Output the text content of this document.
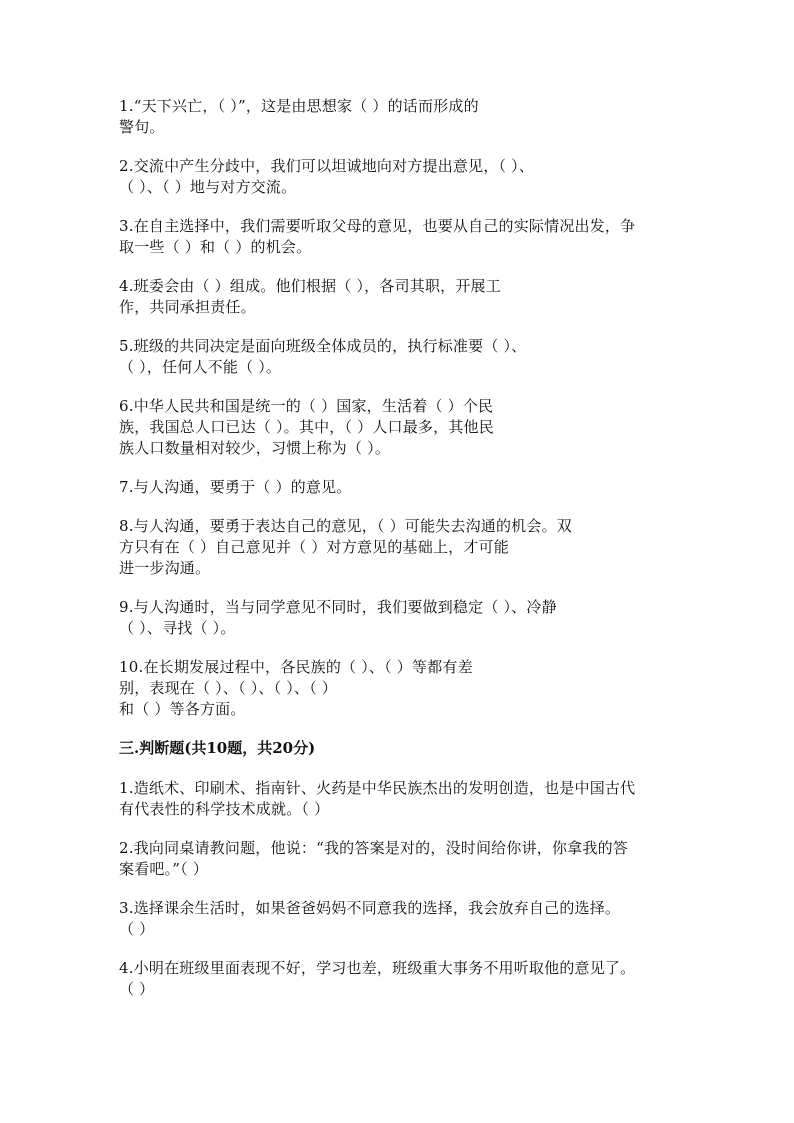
1.“天下兴亡，（ ）”，这是由思想家（ ）的话而形成的
警句。
2.交流中产生分歧中，我们可以坦诚地向对方提出意见，（ ）、
（ ）、（ ）地与对方交流。
3.在自主选择中，我们需要听取父母的意见，也要从自己的实际情况出发，争
取一些（ ）和（ ）的机会。
4.班委会由（ ）组成。他们根据（ ），各司其职，开展工
作，共同承担责任。
5.班级的共同决定是面向班级全体成员的，执行标准要（ ）、
（ ），任何人不能（ ）。
6.中华人民共和国是统一的（ ）国家，生活着（ ）个民
族，我国总人口已达（ ）。其中，（ ）人口最多，其他民
族人口数量相对较少，习惯上称为（ ）。
7.与人沟通，要勇于（ ）的意见。
8.与人沟通，要勇于表达自己的意见，（ ）可能失去沟通的机会。双
方只有在（ ）自己意见并（ ）对方意见的基础上，才可能
进一步沟通。
9.与人沟通时，当与同学意见不同时，我们要做到稳定（ ）、冷静
（ ）、寻找（ ）。
10.在长期发展过程中，各民族的（ ）、（ ）等都有差
别，表现在（ ）、（ ）、（ ）、（ ）
和（ ）等各方面。
三.判断题(共10题，共20分)
1.造纸术、印刷术、指南针、火药是中华民族杰出的发明创造，也是中国古代
有代表性的科学技术成就。（ ）
2.我向同桌请教问题，他说：“我的答案是对的，没时间给你讲，你拿我的答
案看吧。”（ ）
3.选择课余生活时，如果爸爸妈妈不同意我的选择，我会放弃自己的选择。
（ ）
4.小明在班级里面表现不好，学习也差，班级重大事务不用听取他的意见了。
（ ）
